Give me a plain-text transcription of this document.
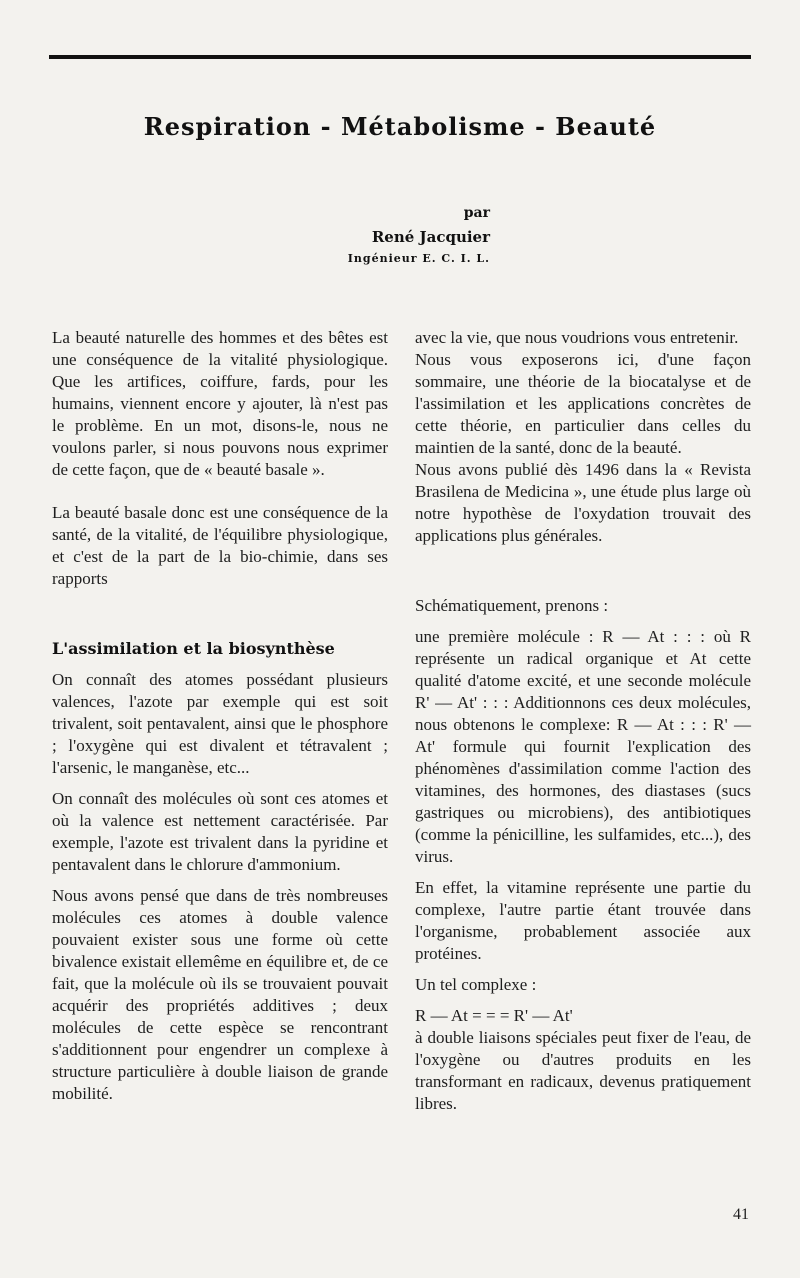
Respiration - Métabolisme - Beauté
par
René Jacquier
Ingénieur E. C. I. L.

La beauté naturelle des hommes et des bêtes est une conséquence de la vitalité physiologique. Que les artifices, coiffure, fards, pour les humains, viennent encore y ajouter, là n'est pas le problème. En un mot, disons-le, nous ne voulons parler, si nous pouvons nous exprimer de cette façon, que de « beauté basale ».

La beauté basale donc est une conséquence de la santé, de la vitalité, de l'équilibre physiologique, et c'est de la part de la bio-chimie, dans ses rapports

L'assimilation et la biosynthèse

On connaît des atomes possédant plusieurs valences, l'azote par exemple qui est soit trivalent, soit pentavalent, ainsi que le phosphore ; l'oxygène qui est divalent et tétravalent ; l'arsenic, le manganèse, etc...

On connaît des molécules où sont ces atomes et où la valence est nettement caractérisée. Par exemple, l'azote est trivalent dans la pyridine et pentavalent dans le chlorure d'ammonium.

Nous avons pensé que dans de très nombreuses molécules ces atomes à double valence pouvaient exister sous une forme où cette bivalence existait ellemême en équilibre et, de ce fait, que la molécule où ils se trouvaient pouvait acquérir des propriétés additives ; deux molécules de cette espèce se rencontrant s'additionnent pour engendrer un complexe à structure particulière à double liaison de grande mobilité.

avec la vie, que nous voudrions vous entretenir.

Nous vous exposerons ici, d'une façon sommaire, une théorie de la biocatalyse et de l'assimilation et les applications concrètes de cette théorie, en particulier dans celles du maintien de la santé, donc de la beauté.

Nous avons publié dès 1496 dans la « Revista Brasilena de Medicina », une étude plus large où notre hypothèse de l'oxydation trouvait des applications plus générales.

Schématiquement, prenons :

une première molécule : R — At : : : où R représente un radical organique et At cette qualité d'atome excité, et une seconde molécule R' — At' : : : Additionnons ces deux molécules, nous obtenons le complexe: R — At : : : R' — At' formule qui fournit l'explication des phénomènes d'assimilation comme l'action des vitamines, des hormones, des diastases (sucs gastriques ou microbiens), des antibiotiques (comme la pénicilline, les sulfamides, etc...), des virus.

En effet, la vitamine représente une partie du complexe, l'autre partie étant trouvée dans l'organisme, probablement associée aux protéines.

Un tel complexe :

R — At = = = R' — At'

à double liaisons spéciales peut fixer de l'eau, de l'oxygène ou d'autres produits en les transformant en radicaux, devenus pratiquement libres.

41
